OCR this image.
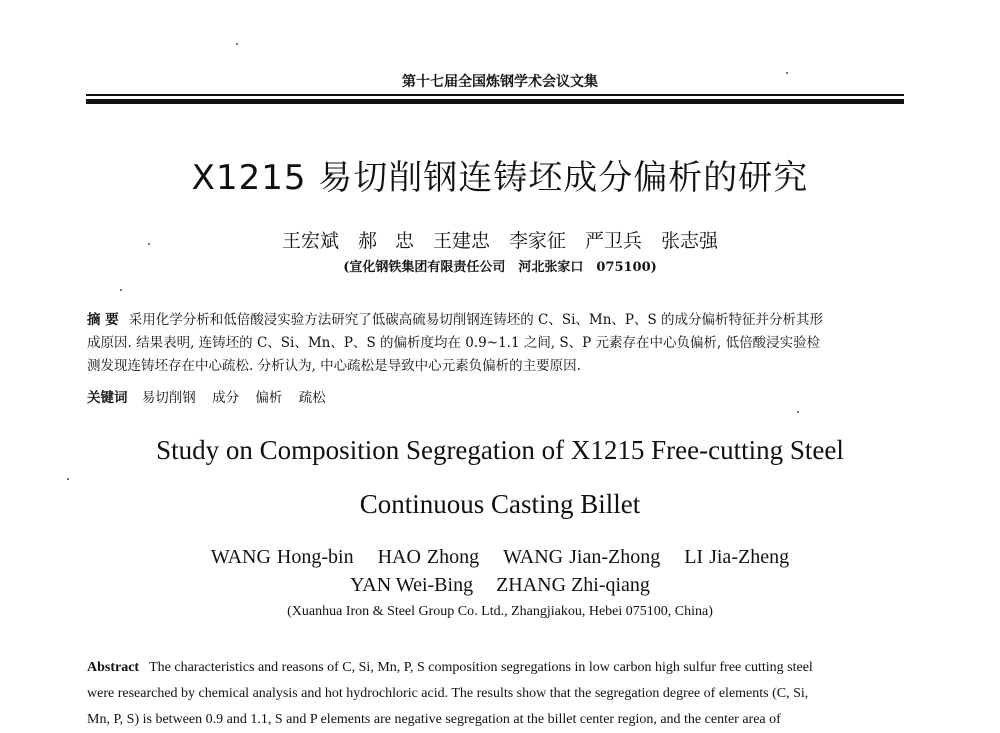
第十七届全国炼钢学术会议文集
X1215 易切削钢连铸坯成分偏析的研究
王宏斌　郝 忠　王建忠　李家征　严卫兵　张志强
(宣化钢铁集团有限责任公司　河北张家口　075100)
摘 要 采用化学分析和低倍酸浸实验方法研究了低碳高硫易切削钢连铸坯的 C、Si、Mn、P、S 的成分偏析特征并分析其形
成原因. 结果表明, 连铸坯的 C、Si、Mn、P、S 的偏析度均在 0.9~1.1 之间, S、P 元素存在中心负偏析, 低倍酸浸实验检
测发现连铸坯存在中心疏松. 分析认为, 中心疏松是导致中心元素负偏析的主要原因.
关键词 易切削钢 成分 偏析 疏松
Study on Composition Segregation of X1215 Free-cutting Steel
Continuous Casting Billet
WANG Hong-bin HAO Zhong WANG Jian-Zhong LI Jia-Zheng
YAN Wei-Bing ZHANG Zhi-qiang
(Xuanhua Iron & Steel Group Co. Ltd., Zhangjiakou, Hebei 075100, China)
Abstract The characteristics and reasons of C, Si, Mn, P, S composition segregations in low carbon high sulfur free cutting steel
were researched by chemical analysis and hot hydrochloric acid. The results show that the segregation degree of elements (C, Si,
Mn, P, S) is between 0.9 and 1.1, S and P elements are negative segregation at the billet center region, and the center area of
